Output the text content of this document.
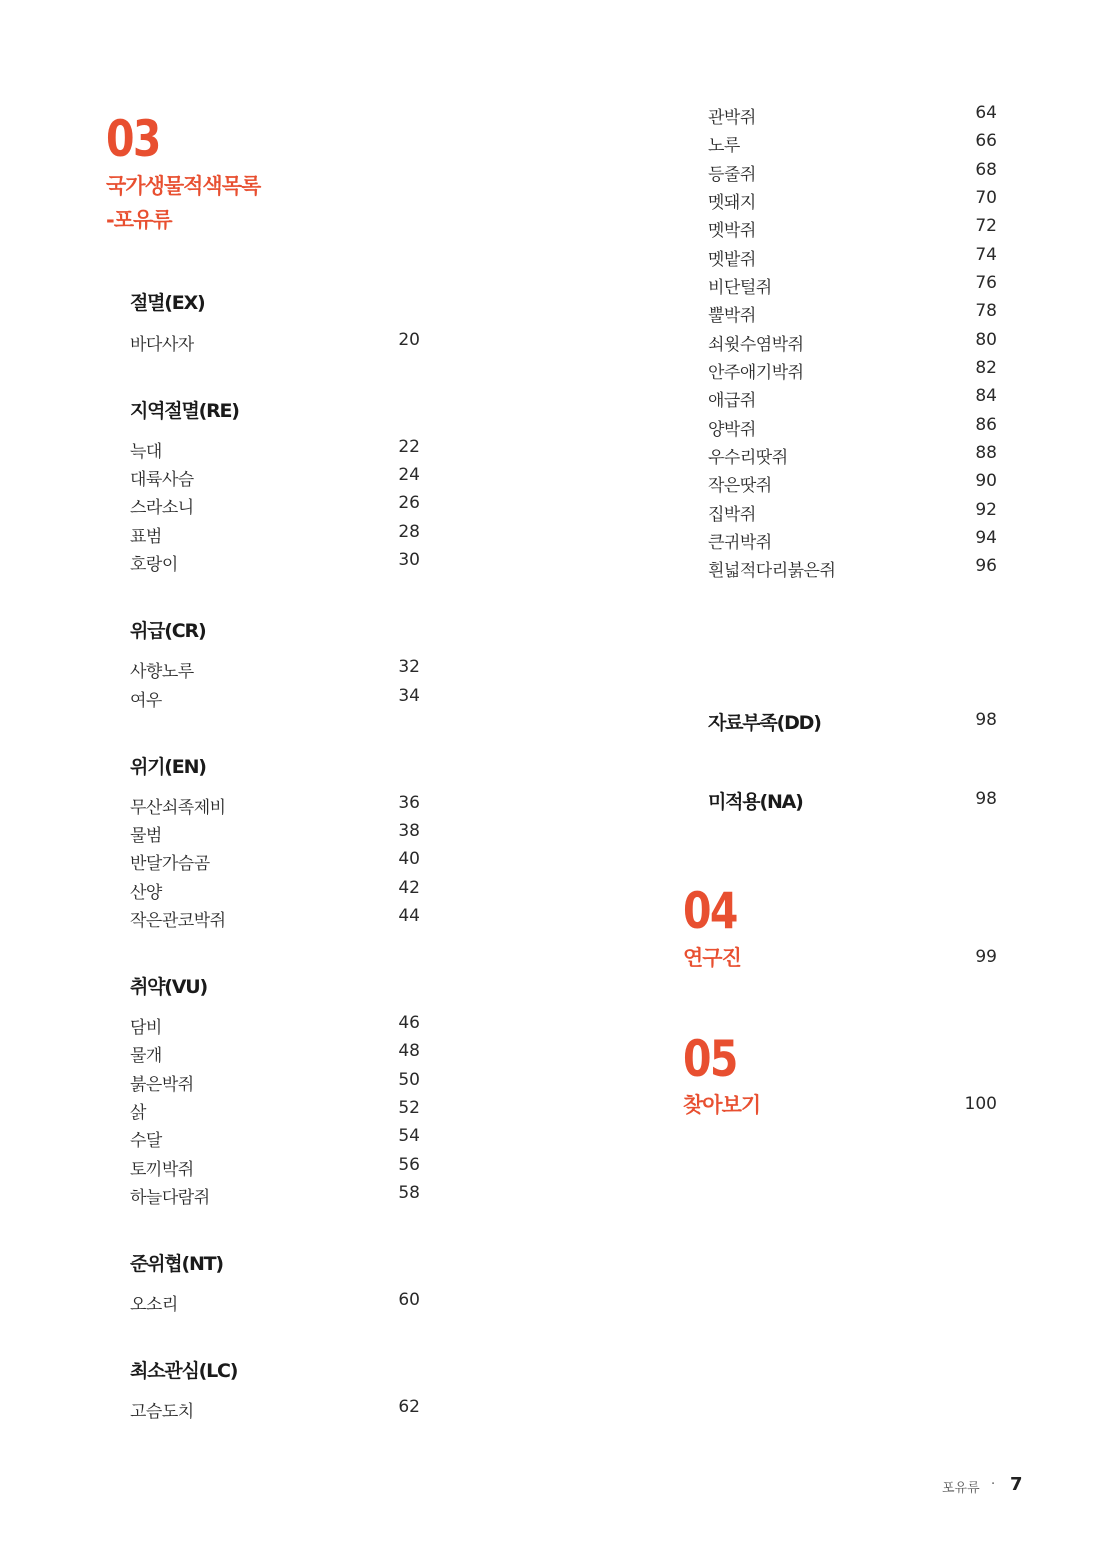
03
국가생물적색목록
-포유류
절멸(EX)
바다사자	20
지역절멸(RE)
늑대	22
대륙사슴	24
스라소니	26
표범	28
호랑이	30
위급(CR)
사향노루	32
여우	34
위기(EN)
무산쇠족제비	36
물범	38
반달가슴곰	40
산양	42
작은관코박쥐	44
취약(VU)
담비	46
물개	48
붉은박쥐	50
삵	52
수달	54
토끼박쥐	56
하늘다람쥐	58
준위협(NT)
오소리	60
최소관심(LC)
고슴도치	62
관박쥐	64
노루	66
등줄쥐	68
멧돼지	70
멧박쥐	72
멧밭쥐	74
비단털쥐	76
뿔박쥐	78
쇠윗수염박쥐	80
안주애기박쥐	82
애급쥐	84
양박쥐	86
우수리땃쥐	88
작은땃쥐	90
집박쥐	92
큰귀박쥐	94
흰넓적다리붉은쥐	96
자료부족(DD)	98
미적용(NA)	98
04
연구진	99
05
찾아보기	100
포유류 · 7
